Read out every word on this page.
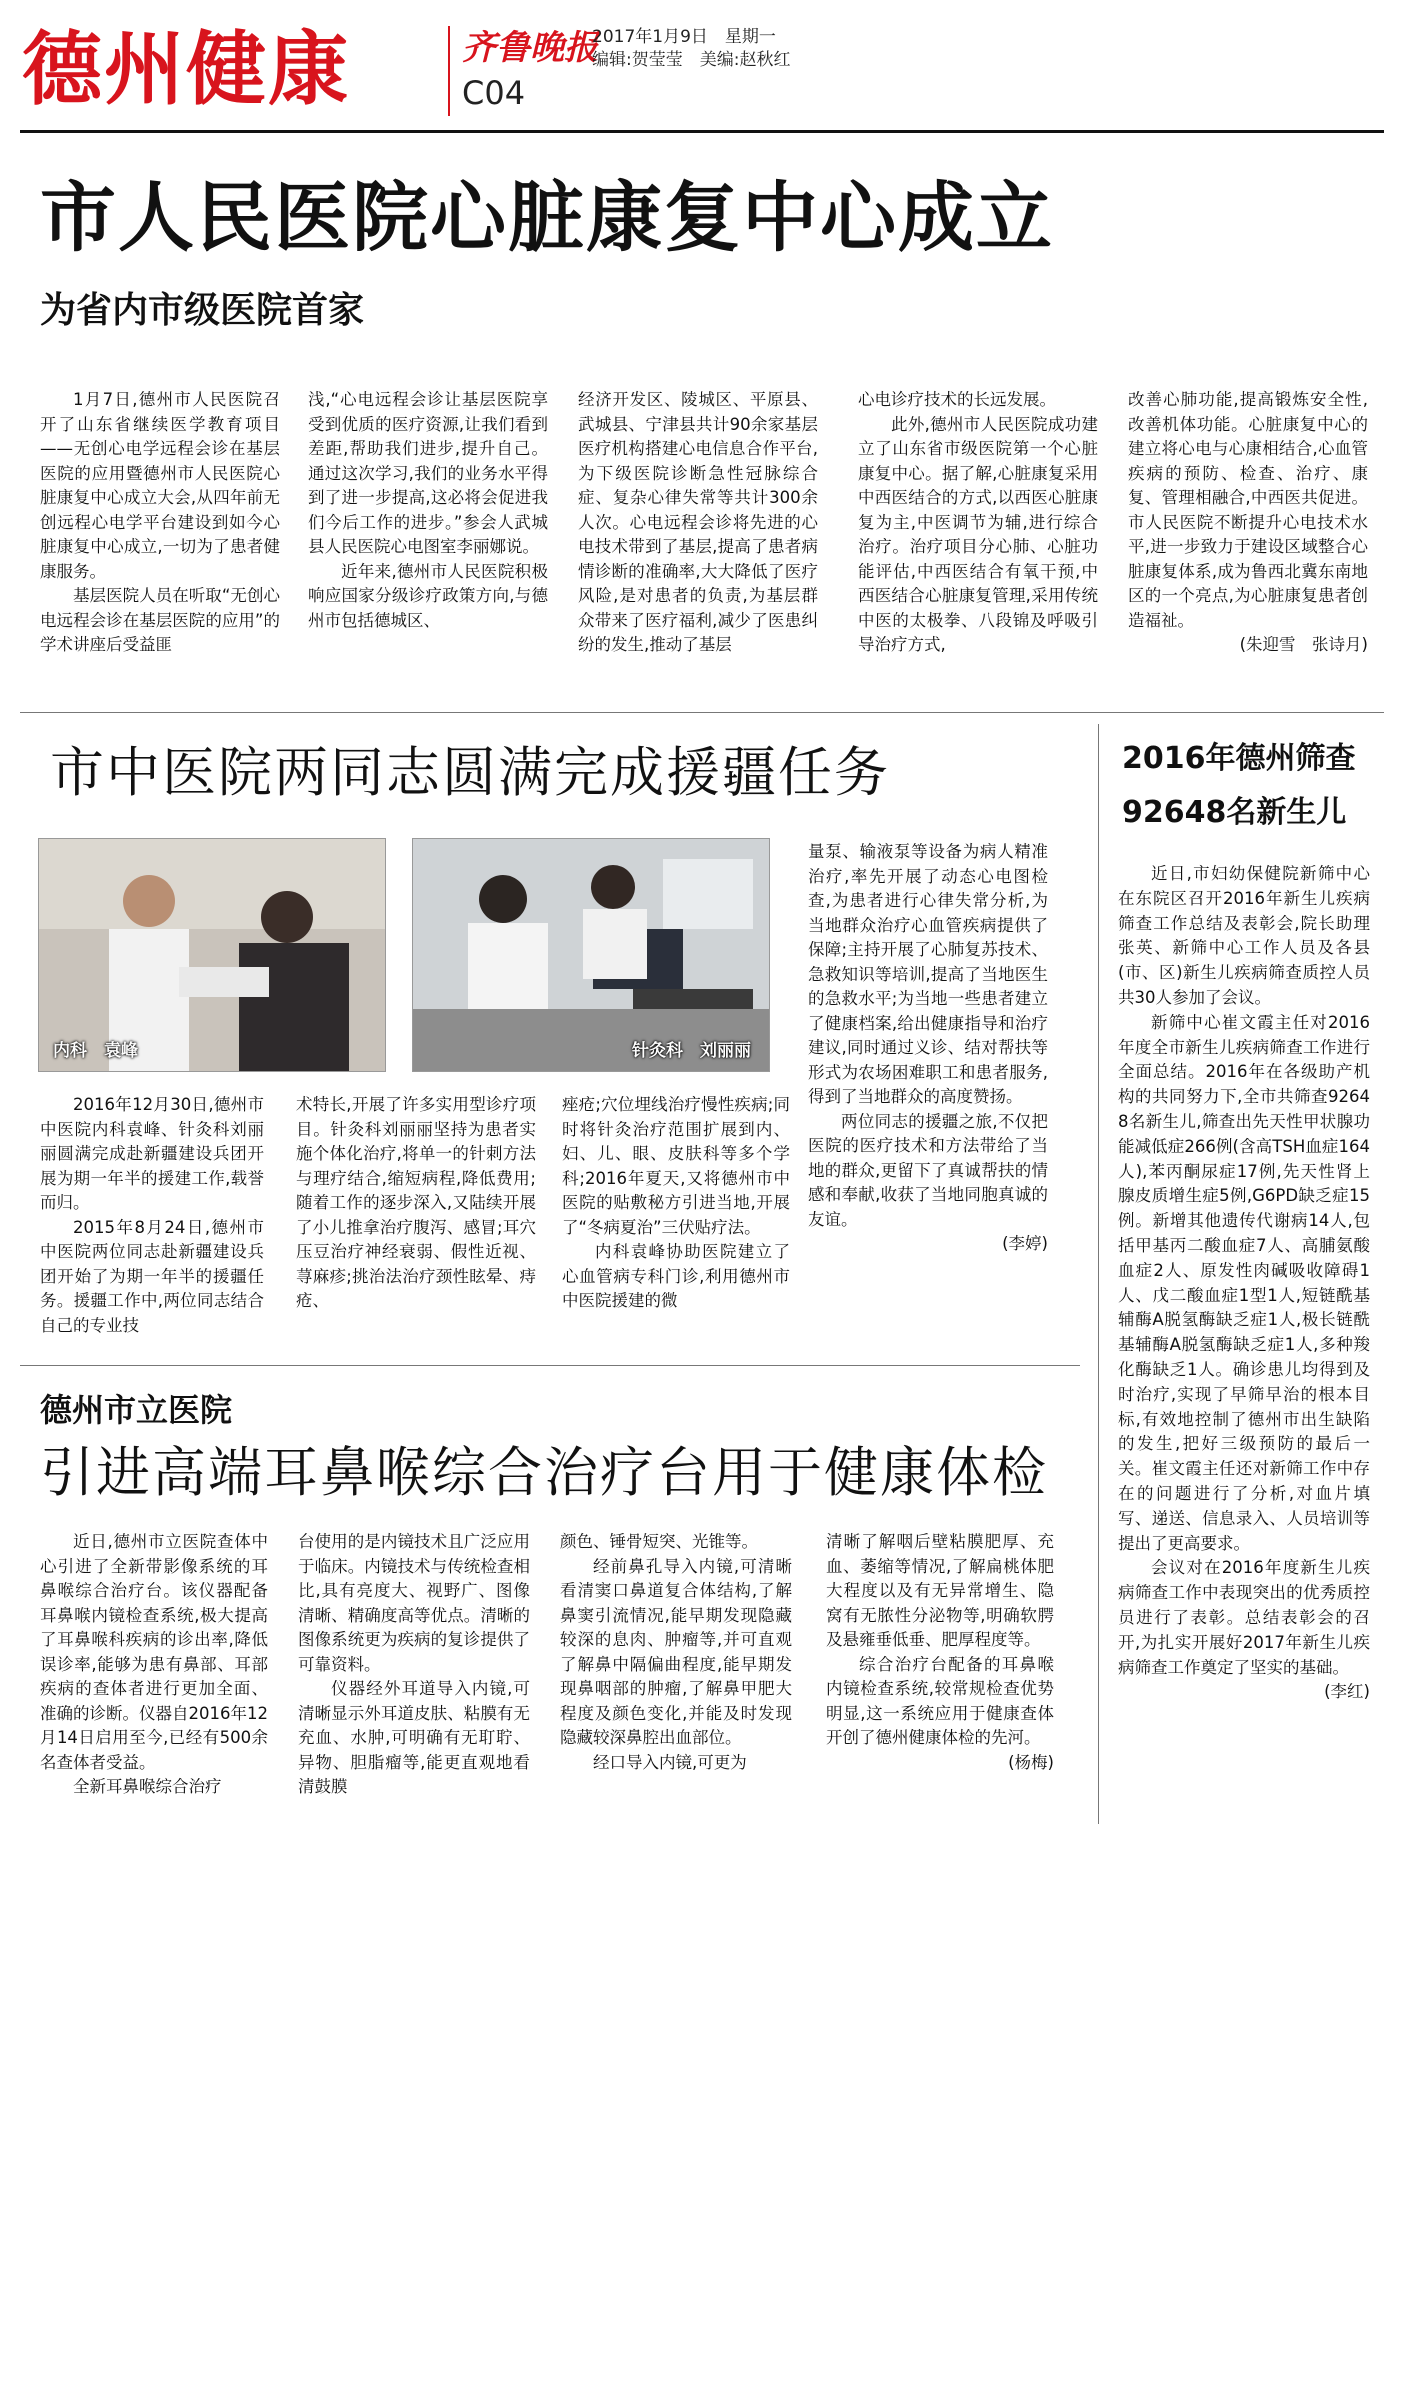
德州健康	齐鲁晚报
C04
2017年1月9日　星期一
编辑:贺莹莹　美编:赵秋红
市人民医院心脏康复中心成立
为省内市级医院首家

1月7日,德州市人民医院召开了山东省继续医学教育项目——无创心电学远程会诊在基层医院的应用暨德州市人民医院心脏康复中心成立大会,从四年前无创远程心电学平台建设到如今心脏康复中心成立,一切为了患者健康服务。

基层医院人员在听取“无创心电远程会诊在基层医院的应用”的学术讲座后受益匪

浅,“心电远程会诊让基层医院享受到优质的医疗资源,让我们看到差距,帮助我们进步,提升自己。通过这次学习,我们的业务水平得到了进一步提高,这必将会促进我们今后工作的进步。”参会人武城县人民医院心电图室李丽娜说。

近年来,德州市人民医院积极响应国家分级诊疗政策方向,与德州市包括德城区、

经济开发区、陵城区、平原县、武城县、宁津县共计90余家基层医疗机构搭建心电信息合作平台,为下级医院诊断急性冠脉综合症、复杂心律失常等共计300余人次。心电远程会诊将先进的心电技术带到了基层,提高了患者病情诊断的准确率,大大降低了医疗风险,是对患者的负责,为基层群众带来了医疗福利,减少了医患纠纷的发生,推动了基层

心电诊疗技术的长远发展。

此外,德州市人民医院成功建立了山东省市级医院第一个心脏康复中心。据了解,心脏康复采用中西医结合的方式,以西医心脏康复为主,中医调节为辅,进行综合治疗。治疗项目分心肺、心脏功能评估,中西医结合有氧干预,中西医结合心脏康复管理,采用传统中医的太极拳、八段锦及呼吸引导治疗方式,

改善心肺功能,提高锻炼安全性,改善机体功能。心脏康复中心的建立将心电与心康相结合,心血管疾病的预防、检查、治疗、康复、管理相融合,中西医共促进。市人民医院不断提升心电技术水平,进一步致力于建设区域整合心脏康复体系,成为鲁西北冀东南地区的一个亮点,为心脏康复患者创造福祉。

(朱迎雪　张诗月)

市中医院两同志圆满完成援疆任务
内科　袁峰	针灸科　刘丽丽

量泵、输液泵等设备为病人精准治疗,率先开展了动态心电图检查,为患者进行心律失常分析,为当地群众治疗心血管疾病提供了保障;主持开展了心肺复苏技术、急救知识等培训,提高了当地医生的急救水平;为当地一些患者建立了健康档案,给出健康指导和治疗建议,同时通过义诊、结对帮扶等形式为农场困难职工和患者服务,得到了当地群众的高度赞扬。

两位同志的援疆之旅,不仅把医院的医疗技术和方法带给了当地的群众,更留下了真诚帮扶的情感和奉献,收获了当地同胞真诚的友谊。

(李婷)

2016年12月30日,德州市中医院内科袁峰、针灸科刘丽丽圆满完成赴新疆建设兵团开展为期一年半的援建工作,载誉而归。

2015年8月24日,德州市中医院两位同志赴新疆建设兵团开始了为期一年半的援疆任务。援疆工作中,两位同志结合自己的专业技

术特长,开展了许多实用型诊疗项目。针灸科刘丽丽坚持为患者实施个体化治疗,将单一的针刺方法与理疗结合,缩短病程,降低费用;随着工作的逐步深入,又陆续开展了小儿推拿治疗腹泻、感冒;耳穴压豆治疗神经衰弱、假性近视、荨麻疹;挑治法治疗颈性眩晕、痔疮、

痤疮;穴位埋线治疗慢性疾病;同时将针灸治疗范围扩展到内、妇、儿、眼、皮肤科等多个学科;2016年夏天,又将德州市中医院的贴敷秘方引进当地,开展了“冬病夏治”三伏贴疗法。

内科袁峰协助医院建立了心血管病专科门诊,利用德州市中医院援建的微

2016年德州筛查92648名新生儿

近日,市妇幼保健院新筛中心在东院区召开2016年新生儿疾病筛查工作总结及表彰会,院长助理张英、新筛中心工作人员及各县(市、区)新生儿疾病筛查质控人员共30人参加了会议。

新筛中心崔文霞主任对2016年度全市新生儿疾病筛查工作进行全面总结。2016年在各级助产机构的共同努力下,全市共筛查92648名新生儿,筛查出先天性甲状腺功能减低症266例(含高TSH血症164人),苯丙酮尿症17例,先天性肾上腺皮质增生症5例,G6PD缺乏症15例。新增其他遗传代谢病14人,包括甲基丙二酸血症7人、高脯氨酸血症2人、原发性肉碱吸收障碍1人、戊二酸血症1型1人,短链酰基辅酶A脱氢酶缺乏症1人,极长链酰基辅酶A脱氢酶缺乏症1人,多种羧化酶缺乏1人。确诊患儿均得到及时治疗,实现了早筛早治的根本目标,有效地控制了德州市出生缺陷的发生,把好三级预防的最后一关。崔文霞主任还对新筛工作中存在的问题进行了分析,对血片填写、递送、信息录入、人员培训等提出了更高要求。

会议对在2016年度新生儿疾病筛查工作中表现突出的优秀质控员进行了表彰。总结表彰会的召开,为扎实开展好2017年新生儿疾病筛查工作奠定了坚实的基础。

(李红)

德州市立医院
引进高端耳鼻喉综合治疗台用于健康体检

近日,德州市立医院查体中心引进了全新带影像系统的耳鼻喉综合治疗台。该仪器配备耳鼻喉内镜检查系统,极大提高了耳鼻喉科疾病的诊出率,降低误诊率,能够为患有鼻部、耳部疾病的查体者进行更加全面、准确的诊断。仪器自2016年12月14日启用至今,已经有500余名查体者受益。

全新耳鼻喉综合治疗

台使用的是内镜技术且广泛应用于临床。内镜技术与传统检查相比,具有亮度大、视野广、图像清晰、精确度高等优点。清晰的图像系统更为疾病的复诊提供了可靠资料。

仪器经外耳道导入内镜,可清晰显示外耳道皮肤、粘膜有无充血、水肿,可明确有无耵聍、异物、胆脂瘤等,能更直观地看清鼓膜

颜色、锤骨短突、光锥等。

经前鼻孔导入内镜,可清晰看清窦口鼻道复合体结构,了解鼻窦引流情况,能早期发现隐藏较深的息肉、肿瘤等,并可直观了解鼻中隔偏曲程度,能早期发现鼻咽部的肿瘤,了解鼻甲肥大程度及颜色变化,并能及时发现隐藏较深鼻腔出血部位。

经口导入内镜,可更为

清晰了解咽后壁粘膜肥厚、充血、萎缩等情况,了解扁桃体肥大程度以及有无异常增生、隐窝有无脓性分泌物等,明确软腭及悬雍垂低垂、肥厚程度等。

综合治疗台配备的耳鼻喉内镜检查系统,较常规检查优势明显,这一系统应用于健康查体开创了德州健康体检的先河。

(杨梅)
